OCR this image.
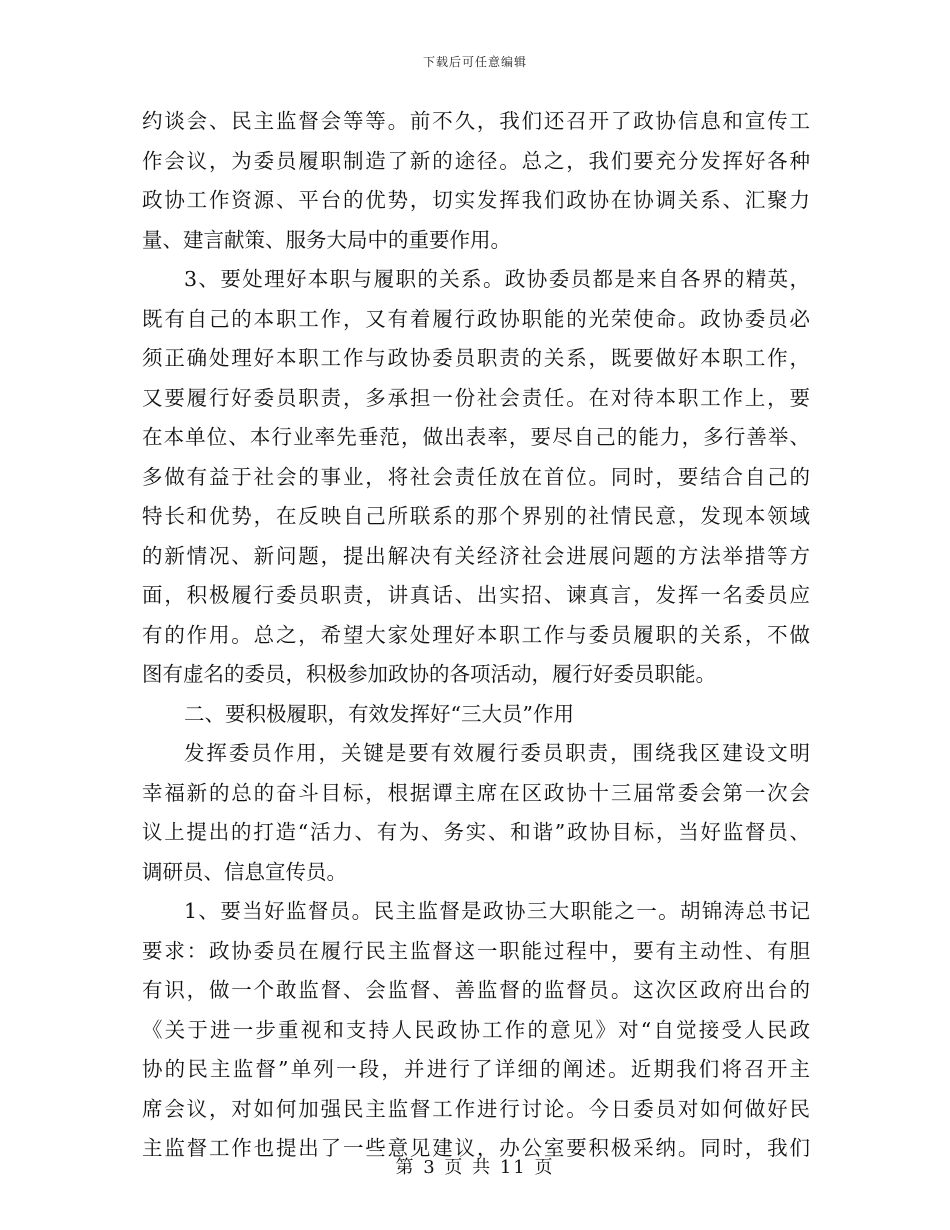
下载后可任意编辑
约谈会、民主监督会等等。前不久，我们还召开了政协信息和宣传工
作会议，为委员履职制造了新的途径。总之，我们要充分发挥好各种
政协工作资源、平台的优势，切实发挥我们政协在协调关系、汇聚力
量、建言献策、服务大局中的重要作用。
3、要处理好本职与履职的关系。政协委员都是来自各界的精英，
既有自己的本职工作，又有着履行政协职能的光荣使命。政协委员必
须正确处理好本职工作与政协委员职责的关系，既要做好本职工作，
又要履行好委员职责，多承担一份社会责任。在对待本职工作上，要
在本单位、本行业率先垂范，做出表率，要尽自己的能力，多行善举、
多做有益于社会的事业，将社会责任放在首位。同时，要结合自己的
特长和优势，在反映自己所联系的那个界别的社情民意，发现本领域
的新情况、新问题，提出解决有关经济社会进展问题的方法举措等方
面，积极履行委员职责，讲真话、出实招、谏真言，发挥一名委员应
有的作用。总之，希望大家处理好本职工作与委员履职的关系，不做
图有虚名的委员，积极参加政协的各项活动，履行好委员职能。
二、要积极履职，有效发挥好“三大员”作用
发挥委员作用，关键是要有效履行委员职责，围绕我区建设文明
幸福新的总的奋斗目标，根据谭主席在区政协十三届常委会第一次会
议上提出的打造“活力、有为、务实、和谐”政协目标，当好监督员、
调研员、信息宣传员。
1、要当好监督员。民主监督是政协三大职能之一。胡锦涛总书记
要求：政协委员在履行民主监督这一职能过程中，要有主动性、有胆
有识，做一个敢监督、会监督、善监督的监督员。这次区政府出台的
《关于进一步重视和支持人民政协工作的意见》对“自觉接受人民政
协的民主监督”单列一段，并进行了详细的阐述。近期我们将召开主
席会议，对如何加强民主监督工作进行讨论。今日委员对如何做好民
主监督工作也提出了一些意见建议，办公室要积极采纳。同时，我们
第 3 页 共 11 页
